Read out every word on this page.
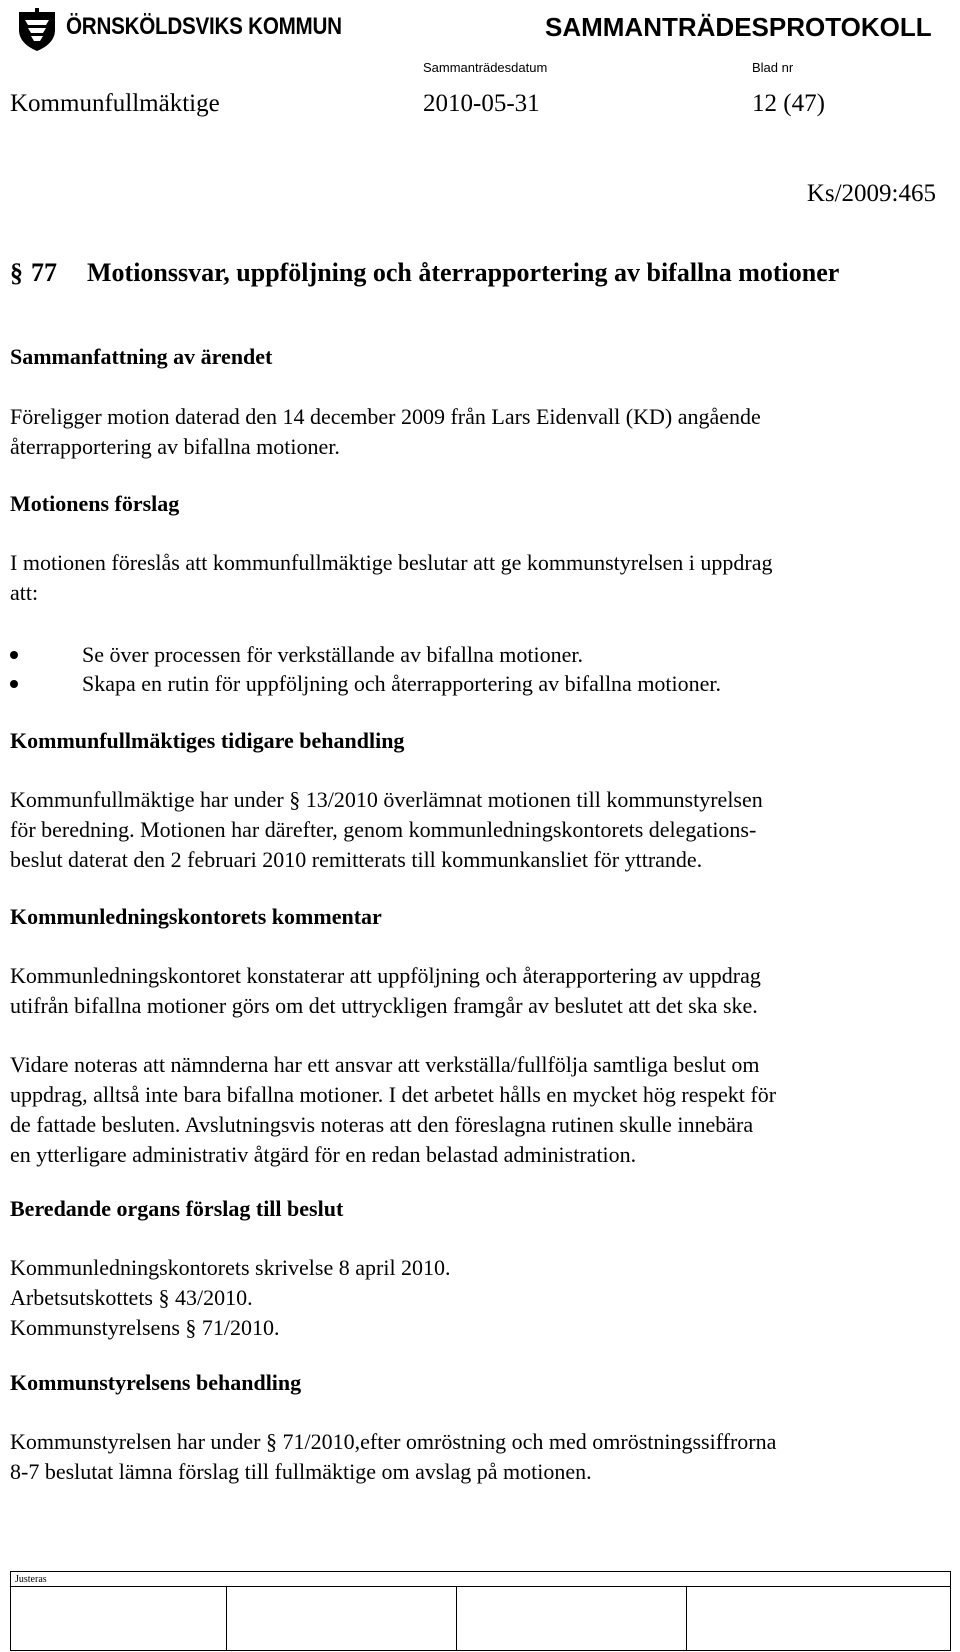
ÖRNSKÖLDSVIKS KOMMUN	SAMMANTRÄDESPROTOKOLL
Sammanträdesdatum	Blad nr
Kommunfullmäktige	2010-05-31	12 (47)
Ks/2009:465
§ 77 Motionssvar, uppföljning och återrapportering av bifallna motioner
Sammanfattning av ärendet
Föreligger motion daterad den 14 december 2009 från Lars Eidenvall (KD) angående
återrapportering av bifallna motioner.
Motionens förslag
I motionen föreslås att kommunfullmäktige beslutar att ge kommunstyrelsen i uppdrag
att:
Se över processen för verkställande av bifallna motioner.
Skapa en rutin för uppföljning och återrapportering av bifallna motioner.
Kommunfullmäktiges tidigare behandling
Kommunfullmäktige har under § 13/2010 överlämnat motionen till kommunstyrelsen
för beredning. Motionen har därefter, genom kommunledningskontorets delegations-
beslut daterat den 2 februari 2010 remitterats till kommunkansliet för yttrande.
Kommunledningskontorets kommentar
Kommunledningskontoret konstaterar att uppföljning och återapportering av uppdrag
utifrån bifallna motioner görs om det uttryckligen framgår av beslutet att det ska ske.
Vidare noteras att nämnderna har ett ansvar att verkställa/fullfölja samtliga beslut om
uppdrag, alltså inte bara bifallna motioner. I det arbetet hålls en mycket hög respekt för
de fattade besluten. Avslutningsvis noteras att den föreslagna rutinen skulle innebära
en ytterligare administrativ åtgärd för en redan belastad administration.
Beredande organs förslag till beslut
Kommunledningskontorets skrivelse 8 april 2010.
Arbetsutskottets § 43/2010.
Kommunstyrelsens § 71/2010.
Kommunstyrelsens behandling
Kommunstyrelsen har under § 71/2010,efter omröstning och med omröstningssiffrorna
8-7 beslutat lämna förslag till fullmäktige om avslag på motionen.
Justeras
